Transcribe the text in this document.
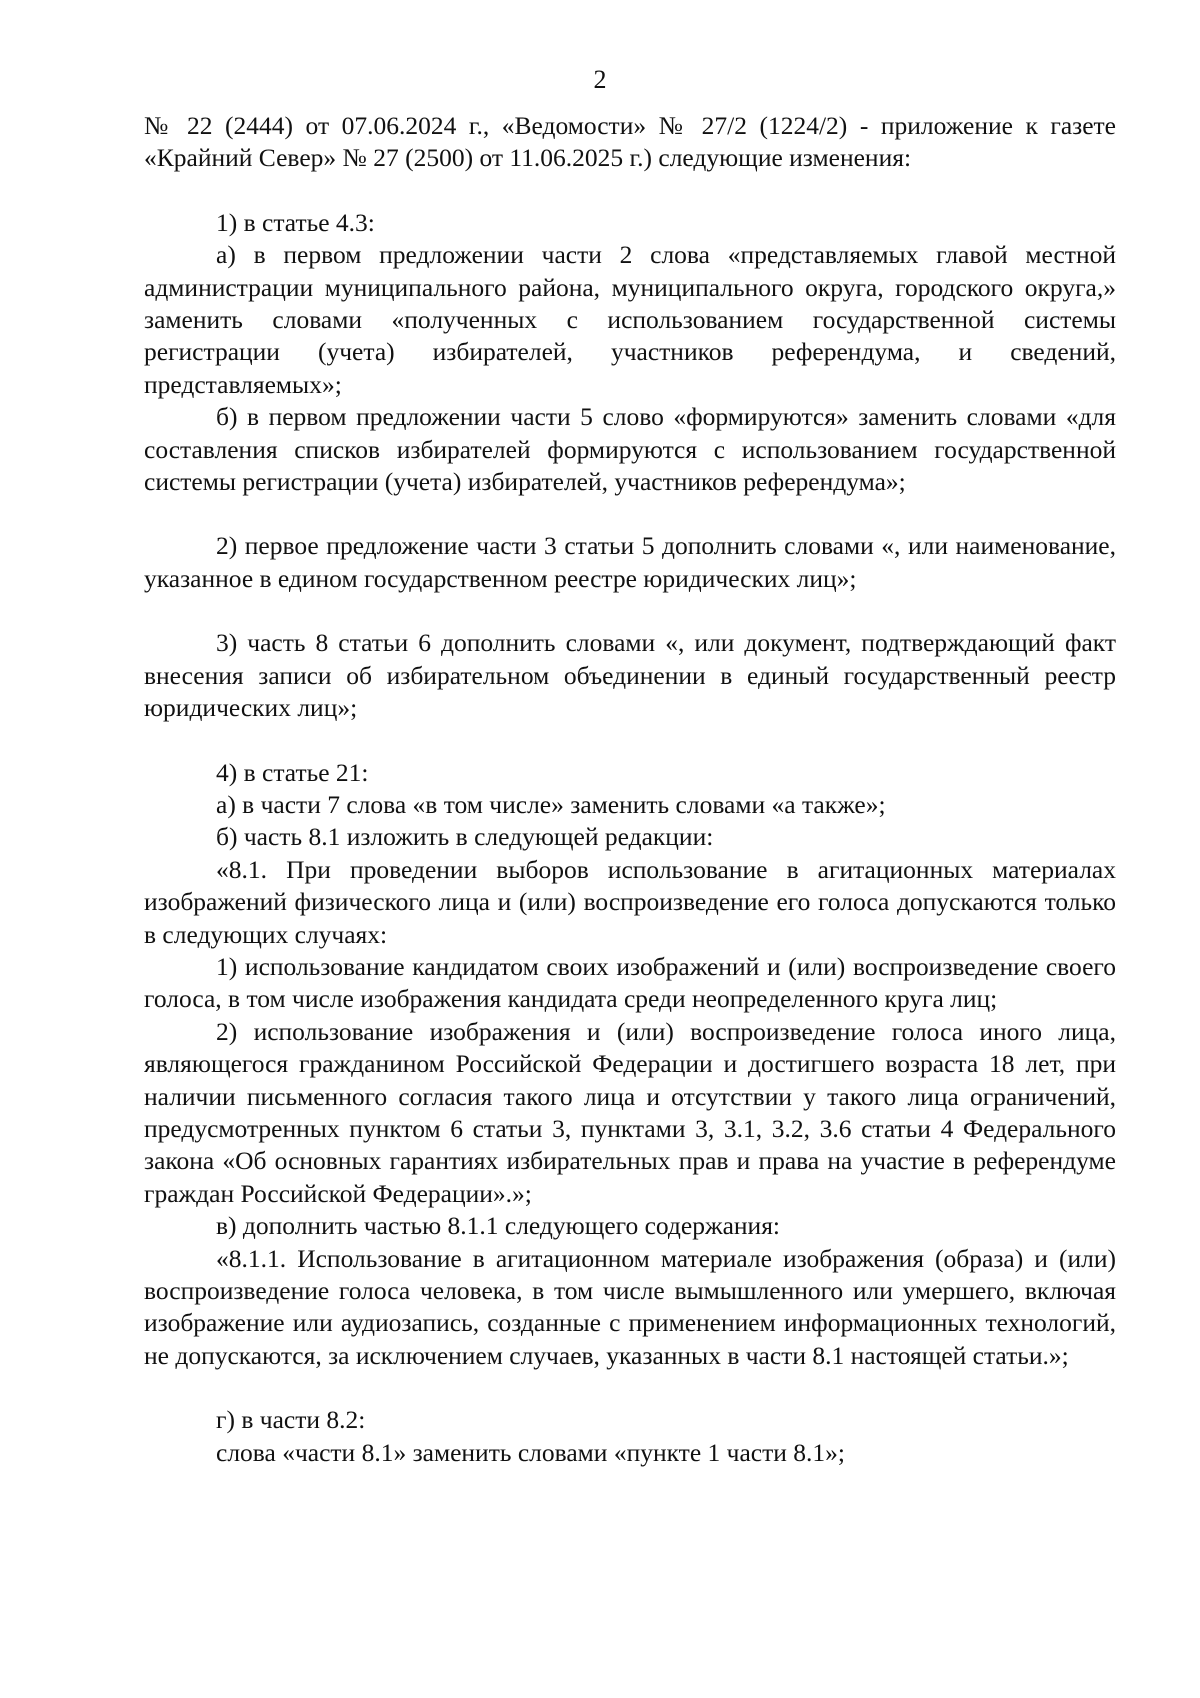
2

№ 22 (2444) от 07.06.2024 г., «Ведомости» № 27/2 (1224/2) - приложение к газете «Крайний Север» № 27 (2500) от 11.06.2025 г.) следующие изменения:

1) в статье 4.3:

а) в первом предложении части 2 слова «представляемых главой местной администрации муниципального района, муниципального округа, городского округа,» заменить словами «полученных с использованием государственной системы регистрации (учета) избирателей, участников референдума, и сведений, представляемых»;

б) в первом предложении части 5 слово «формируются» заменить словами «для составления списков избирателей формируются с использованием государственной системы регистрации (учета) избирателей, участников референдума»;

2) первое предложение части 3 статьи 5 дополнить словами «, или наименование, указанное в едином государственном реестре юридических лиц»;

3) часть 8 статьи 6 дополнить словами «, или документ, подтверждающий факт внесения записи об избирательном объединении в единый государственный реестр юридических лиц»;

4) в статье 21:

а) в части 7 слова «в том числе» заменить словами «а также»;

б) часть 8.1 изложить в следующей редакции:

«8.1. При проведении выборов использование в агитационных материалах изображений физического лица и (или) воспроизведение его голоса допускаются только в следующих случаях:

1) использование кандидатом своих изображений и (или) воспроизведение своего голоса, в том числе изображения кандидата среди неопределенного круга лиц;

2) использование изображения и (или) воспроизведение голоса иного лица, являющегося гражданином Российской Федерации и достигшего возраста 18 лет, при наличии письменного согласия такого лица и отсутствии у такого лица ограничений, предусмотренных пунктом 6 статьи 3, пунктами 3, 3.1, 3.2, 3.6 статьи 4 Федерального закона «Об основных гарантиях избирательных прав и права на участие в референдуме граждан Российской Федерации».»;

в) дополнить частью 8.1.1 следующего содержания:

«8.1.1. Использование в агитационном материале изображения (образа) и (или) воспроизведение голоса человека, в том числе вымышленного или умершего, включая изображение или аудиозапись, созданные с применением информационных технологий, не допускаются, за исключением случаев, указанных в части 8.1 настоящей статьи.»;

г) в части 8.2:

слова «части 8.1» заменить словами «пункте 1 части 8.1»;
